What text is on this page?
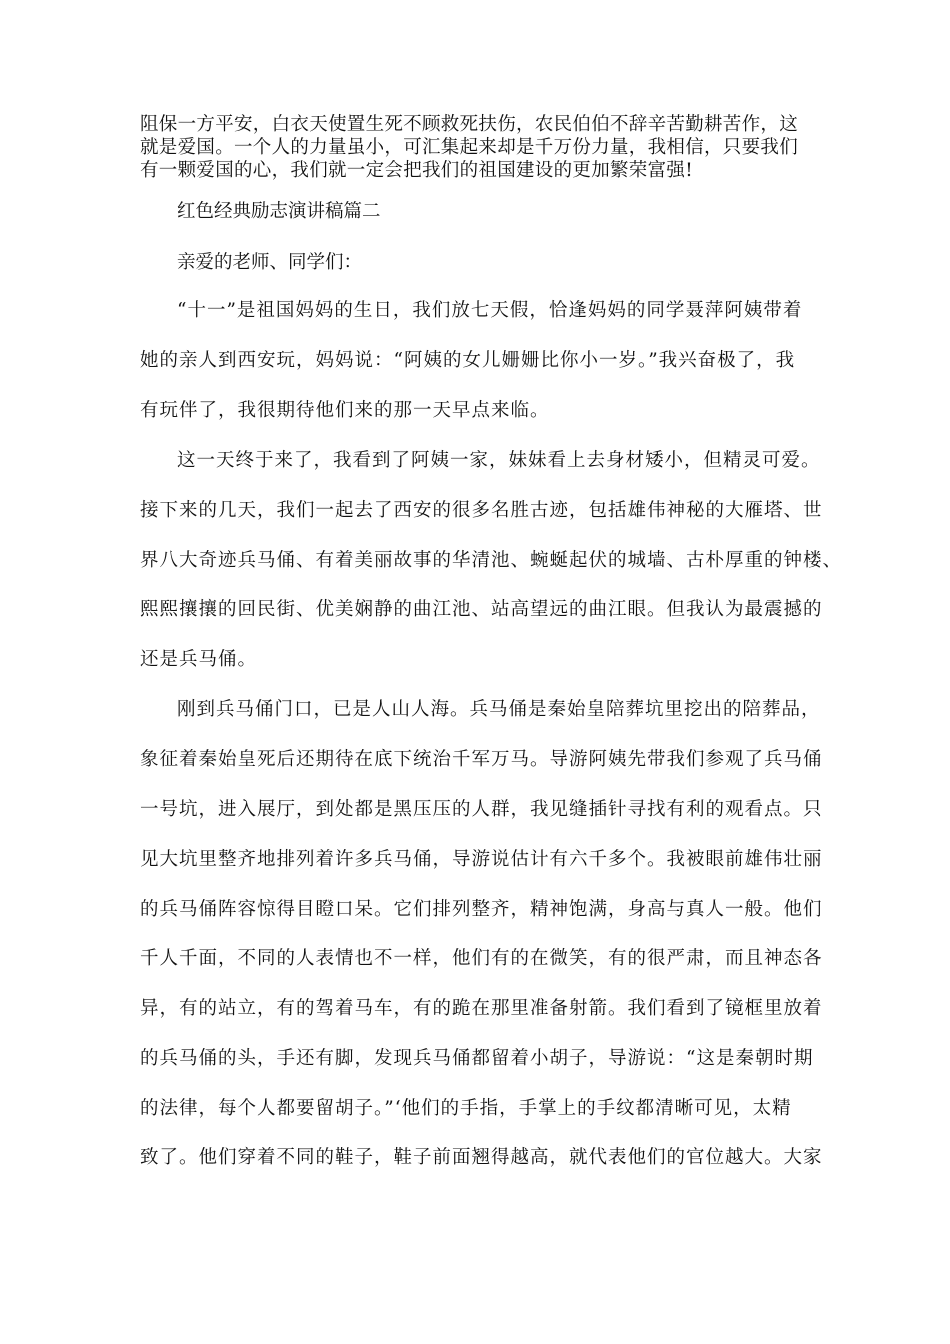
阻保一方平安，白衣天使置生死不顾救死扶伤，农民伯伯不辞辛苦勤耕苦作，这
就是爱国。一个人的力量虽小，可汇集起来却是千万份力量，我相信，只要我们
有一颗爱国的心，我们就一定会把我们的祖国建设的更加繁荣富强!
红色经典励志演讲稿篇二
亲爱的老师、同学们：
“十一”是祖国妈妈的生日，我们放七天假，恰逢妈妈的同学聂萍阿姨带着
她的亲人到西安玩，妈妈说：“阿姨的女儿姗姗比你小一岁。”我兴奋极了，我
有玩伴了，我很期待他们来的那一天早点来临。
这一天终于来了，我看到了阿姨一家，妹妹看上去身材矮小，但精灵可爱。
接下来的几天，我们一起去了西安的很多名胜古迹，包括雄伟神秘的大雁塔、世
界八大奇迹兵马俑、有着美丽故事的华清池、蜿蜒起伏的城墙、古朴厚重的钟楼、
熙熙攘攘的回民街、优美娴静的曲江池、站高望远的曲江眼。但我认为最震撼的
还是兵马俑。
刚到兵马俑门口，已是人山人海。兵马俑是秦始皇陪葬坑里挖出的陪葬品，
象征着秦始皇死后还期待在底下统治千军万马。导游阿姨先带我们参观了兵马俑
一号坑，进入展厅，到处都是黑压压的人群，我见缝插针寻找有利的观看点。只
见大坑里整齐地排列着许多兵马俑，导游说估计有六千多个。我被眼前雄伟壮丽
的兵马俑阵容惊得目瞪口呆。它们排列整齐，精神饱满，身高与真人一般。他们
千人千面，不同的人表情也不一样，他们有的在微笑，有的很严肃，而且神态各
异，有的站立，有的驾着马车，有的跪在那里准备射箭。我们看到了镜框里放着
的兵马俑的头，手还有脚，发现兵马俑都留着小胡子，导游说：“这是秦朝时期
的法律，每个人都要留胡子。”‘他们的手指，手掌上的手纹都清晰可见，太精
致了。他们穿着不同的鞋子，鞋子前面翘得越高，就代表他们的官位越大。大家
